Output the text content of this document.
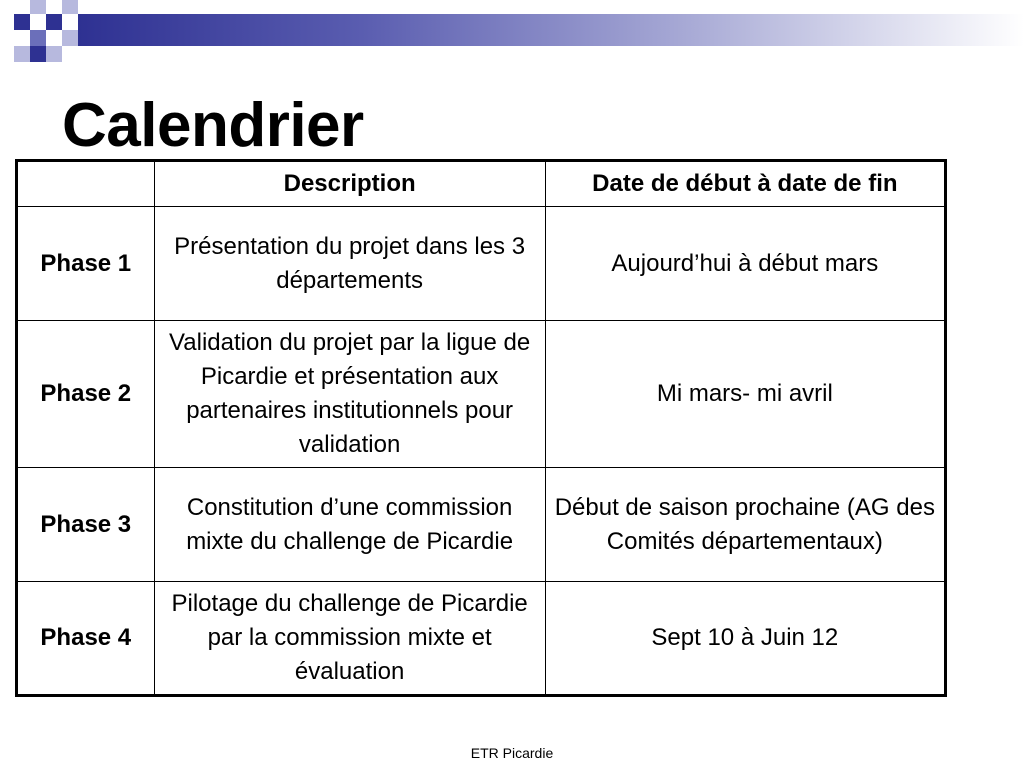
Calendrier
	Description	Date de début à date de fin
Phase 1	Présentation du projet dans les 3 départements	Aujourd’hui à début mars
Phase 2	Validation du projet par la ligue de Picardie et présentation aux partenaires institutionnels pour validation	Mi mars- mi avril
Phase 3	Constitution d’une commission mixte du challenge de Picardie	Début de saison prochaine (AG des Comités départementaux)
Phase 4	Pilotage du challenge de Picardie par la commission mixte et évaluation	Sept 10 à Juin 12
ETR Picardie
